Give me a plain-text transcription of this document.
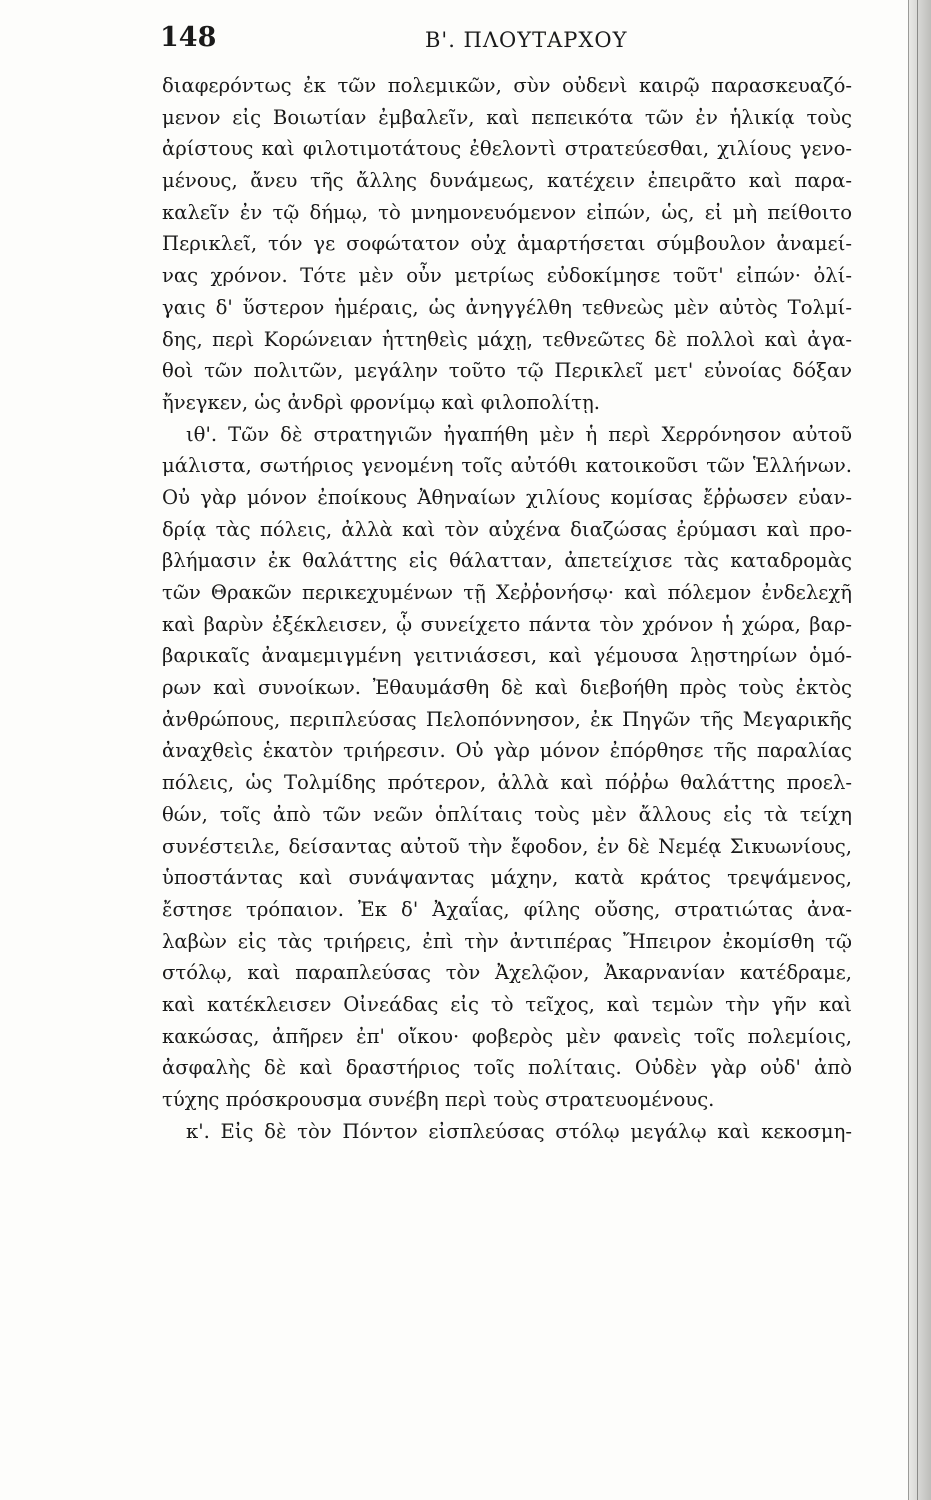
148	Β'. ΠΛΟΥΤΑΡΧΟΥ
διαφερόντως ἐκ τῶν πολεμικῶν, σὺν οὐδενὶ καιρῷ παρασκευαζό-
μενον εἰς Βοιωτίαν ἐμβαλεῖν, καὶ πεπεικότα τῶν ἐν ἡλικίᾳ τοὺς
ἀρίστους καὶ φιλοτιμοτάτους ἐθελοντὶ στρατεύεσθαι, χιλίους γενο-
μένους, ἄνευ τῆς ἄλλης δυνάμεως, κατέχειν ἐπειρᾶτο καὶ παρα-
καλεῖν ἐν τῷ δήμῳ, τὸ μνημονευόμενον εἰπών, ὡς, εἰ μὴ πείθοιτο
Περικλεῖ, τόν γε σοφώτατον οὐχ ἁμαρτήσεται σύμβουλον ἀναμεί-
νας χρόνον. Τότε μὲν οὖν μετρίως εὐδοκίμησε τοῦτ' εἰπών· ὀλί-
γαις δ' ὕστερον ἡμέραις, ὡς ἀνηγγέλθη τεθνεὼς μὲν αὐτὸς Τολμί-
δης, περὶ Κορώνειαν ἡττηθεὶς μάχῃ, τεθνεῶτες δὲ πολλοὶ καὶ ἀγα-
θοὶ τῶν πολιτῶν, μεγάλην τοῦτο τῷ Περικλεῖ μετ' εὐνοίας δόξαν
ἤνεγκεν, ὡς ἀνδρὶ φρονίμῳ καὶ φιλοπολίτῃ.
ιθ'. Τῶν δὲ στρατηγιῶν ἠγαπήθη μὲν ἡ περὶ Χερρόνησον αὐτοῦ
μάλιστα, σωτήριος γενομένη τοῖς αὐτόθι κατοικοῦσι τῶν Ἑλλήνων.
Οὐ γὰρ μόνον ἐποίκους Ἀθηναίων χιλίους κομίσας ἔῤῥωσεν εὐαν-
δρίᾳ τὰς πόλεις, ἀλλὰ καὶ τὸν αὐχένα διαζώσας ἐρύμασι καὶ προ-
βλήμασιν ἐκ θαλάττης εἰς θάλατταν, ἀπετείχισε τὰς καταδρομὰς
τῶν Θρακῶν περικεχυμένων τῇ Χεῤῥονήσῳ· καὶ πόλεμον ἐνδελεχῆ
καὶ βαρὺν ἐξέκλεισεν, ᾧ συνείχετο πάντα τὸν χρόνον ἡ χώρα, βαρ-
βαρικαῖς ἀναμεμιγμένη γειτνιάσεσι, καὶ γέμουσα λῃστηρίων ὁμό-
ρων καὶ συνοίκων. Ἐθαυμάσθη δὲ καὶ διεβοήθη πρὸς τοὺς ἐκτὸς
ἀνθρώπους, περιπλεύσας Πελοπόννησον, ἐκ Πηγῶν τῆς Μεγαρικῆς
ἀναχθεὶς ἑκατὸν τριήρεσιν. Οὐ γὰρ μόνον ἐπόρθησε τῆς παραλίας
πόλεις, ὡς Τολμίδης πρότερον, ἀλλὰ καὶ πόῤῥω θαλάττης προελ-
θών, τοῖς ἀπὸ τῶν νεῶν ὁπλίταις τοὺς μὲν ἄλλους εἰς τὰ τείχη
συνέστειλε, δείσαντας αὐτοῦ τὴν ἔφοδον, ἐν δὲ Νεμέᾳ Σικυωνίους,
ὑποστάντας καὶ συνάψαντας μάχην, κατὰ κράτος τρεψάμενος,
ἔστησε τρόπαιον. Ἐκ δ' Ἀχαΐας, φίλης οὔσης, στρατιώτας ἀνα-
λαβὼν εἰς τὰς τριήρεις, ἐπὶ τὴν ἀντιπέρας Ἤπειρον ἐκομίσθη τῷ
στόλῳ, καὶ παραπλεύσας τὸν Ἀχελῷον, Ἀκαρνανίαν κατέδραμε,
καὶ κατέκλεισεν Οἰνεάδας εἰς τὸ τεῖχος, καὶ τεμὼν τὴν γῆν καὶ
κακώσας, ἀπῆρεν ἐπ' οἴκου· φοβερὸς μὲν φανεὶς τοῖς πολεμίοις,
ἀσφαλὴς δὲ καὶ δραστήριος τοῖς πολίταις. Οὐδὲν γὰρ οὐδ' ἀπὸ
τύχης πρόσκρουσμα συνέβη περὶ τοὺς στρατευομένους.
κ'. Εἰς δὲ τὸν Πόντον εἰσπλεύσας στόλῳ μεγάλῳ καὶ κεκοσμη-
